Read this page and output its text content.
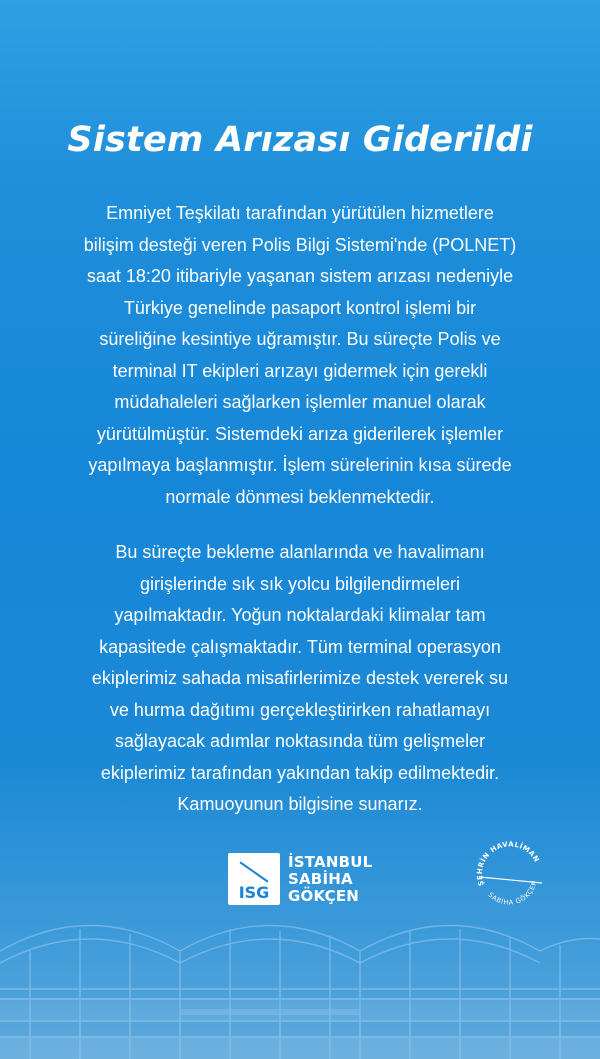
Sistem Arızası Giderildi
Emniyet Teşkilatı tarafından yürütülen hizmetlere
bilişim desteği veren Polis Bilgi Sistemi'nde (POLNET)
saat 18:20 itibariyle yaşanan sistem arızası nedeniyle
Türkiye genelinde pasaport kontrol işlemi bir
süreliğine kesintiye uğramıştır. Bu süreçte Polis ve
terminal IT ekipleri arızayı gidermek için gerekli
müdahaleleri sağlarken işlemler manuel olarak
yürütülmüştür. Sistemdeki arıza giderilerek işlemler
yapılmaya başlanmıştır. İşlem sürelerinin kısa sürede
normale dönmesi beklenmektedir.
Bu süreçte bekleme alanlarında ve havalimanı
girişlerinde sık sık yolcu bilgilendirmeleri
yapılmaktadır. Yoğun noktalardaki klimalar tam
kapasitede çalışmaktadır. Tüm terminal operasyon
ekiplerimiz sahada misafirlerimize destek vererek su
ve hurma dağıtımı gerçekleştirirken rahatlamayı
sağlayacak adımlar noktasında tüm gelişmeler
ekiplerimiz tarafından yakından takip edilmektedir.
Kamuoyunun bilgisine sunarız.
ISG
İSTANBUL
SABİHA
GÖKÇEN
ŞEHRİN HAVALİMAN
SABİHA GÖKÇEN
